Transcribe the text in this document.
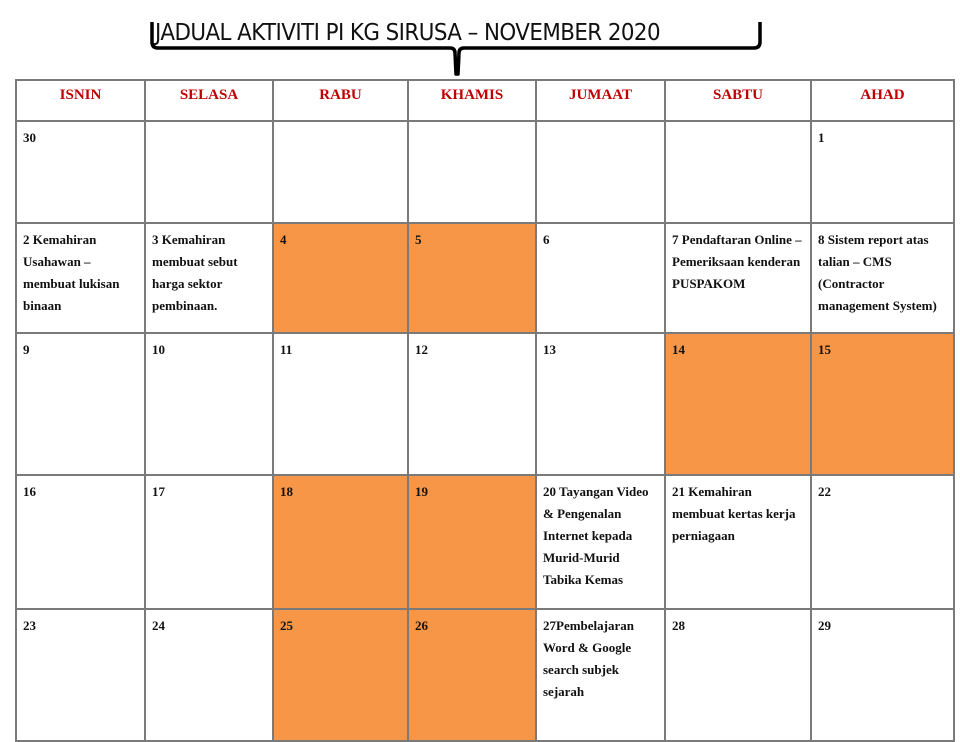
JADUAL AKTIVITI PI KG SIRUSA – NOVEMBER 2020
ISNIN	SELASA	RABU	KHAMIS	JUMAAT	SABTU	AHAD

30						1

2 Kemahiran Usahawan – membuat lukisan binaan	3 Kemahiran membuat sebut harga sektor pembinaan.	4	5	6	7 Pendaftaran Online – Pemeriksaan kenderan PUSPAKOM	8 Sistem report atas talian – CMS (Contractor management System)

9	10	11	12	13	14	15

16	17	18	19	20 Tayangan Video & Pengenalan Internet kepada Murid-Murid Tabika Kemas	21 Kemahiran membuat kertas kerja perniagaan	22

23	24	25	26	27Pembelajaran Word & Google search subjek sejarah	28	29
